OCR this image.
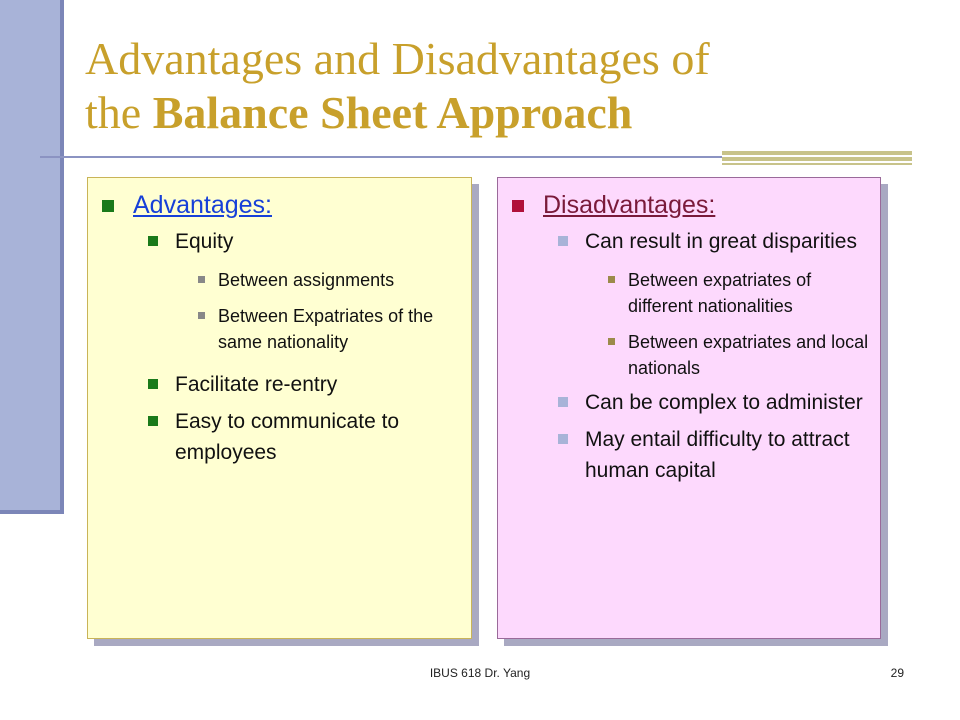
Advantages and Disadvantages of
the Balance Sheet Approach
Advantages:
Equity
Between assignments
Between Expatriates of the same nationality
Facilitate re-entry
Easy to communicate to employees
Disadvantages:
Can result in great disparities
Between expatriates of different nationalities
Between expatriates and local nationals
Can be complex to administer
May entail difficulty to attract human capital
IBUS 618 Dr. Yang	29
